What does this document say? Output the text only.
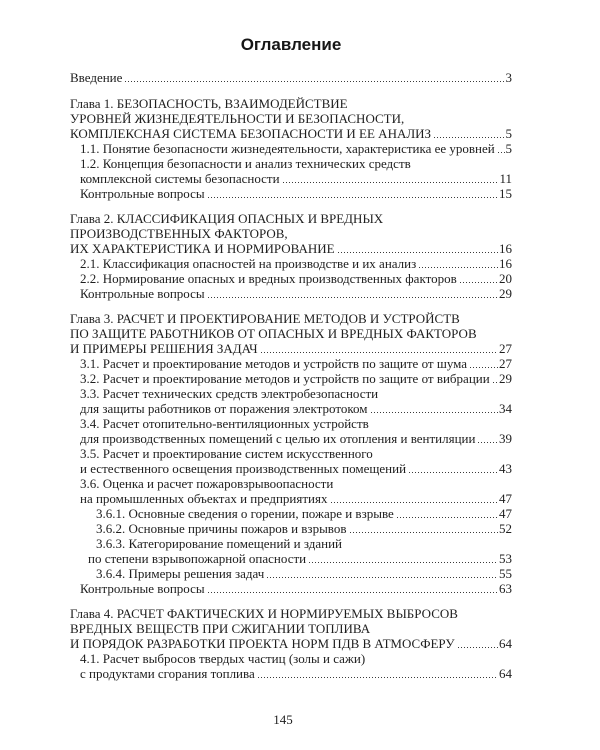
Оглавление
Введение	3
Глава 1. БЕЗОПАСНОСТЬ, ВЗАИМОДЕЙСТВИЕ
УРОВНЕЙ ЖИЗНЕДЕЯТЕЛЬНОСТИ И БЕЗОПАСНОСТИ,
КОМПЛЕКСНАЯ СИСТЕМА БЕЗОПАСНОСТИ И ЕЕ АНАЛИЗ	5
1.1. Понятие безопасности жизнедеятельности, характеристика ее уровней 5
1.2. Концепция безопасности и анализ технических средств
комплексной системы безопасности	11
Контрольные вопросы	15
Глава 2. КЛАССИФИКАЦИЯ ОПАСНЫХ И ВРЕДНЫХ
ПРОИЗВОДСТВЕННЫХ ФАКТОРОВ,
ИХ ХАРАКТЕРИСТИКА И НОРМИРОВАНИЕ	16
2.1. Классификация опасностей на производстве и их анализ	16
2.2. Нормирование опасных и вредных производственных факторов	20
Контрольные вопросы	29
Глава 3. РАСЧЕТ И ПРОЕКТИРОВАНИЕ МЕТОДОВ И УСТРОЙСТВ
ПО ЗАЩИТЕ РАБОТНИКОВ ОТ ОПАСНЫХ И ВРЕДНЫХ ФАКТОРОВ
И ПРИМЕРЫ РЕШЕНИЯ ЗАДАЧ	27
3.1. Расчет и проектирование методов и устройств по защите от шума 27
3.2. Расчет и проектирование методов и устройств по защите от вибрации 29
3.3. Расчет технических средств электробезопасности
для защиты работников от поражения электротоком	34
3.4. Расчет отопительно-вентиляционных устройств
для производственных помещений с целью их отопления и вентиляции 39
3.5. Расчет и проектирование систем искусственного
и естественного освещения производственных помещений	43
3.6. Оценка и расчет пожаровзрывоопасности
на промышленных объектах и предприятиях	47
3.6.1. Основные сведения о горении, пожаре и взрыве	47
3.6.2. Основные причины пожаров и взрывов	52
3.6.3. Категорирование помещений и зданий
по степени взрывопожарной опасности	53
3.6.4. Примеры решения задач	55
Контрольные вопросы	63
Глава 4. РАСЧЕТ ФАКТИЧЕСКИХ И НОРМИРУЕМЫХ ВЫБРОСОВ
ВРЕДНЫХ ВЕЩЕСТВ ПРИ СЖИГАНИИ ТОПЛИВА
И ПОРЯДОК РАЗРАБОТКИ ПРОЕКТА НОРМ ПДВ В АТМОСФЕРУ	64
4.1. Расчет выбросов твердых частиц (золы и сажи)
с продуктами сгорания топлива	64
145
